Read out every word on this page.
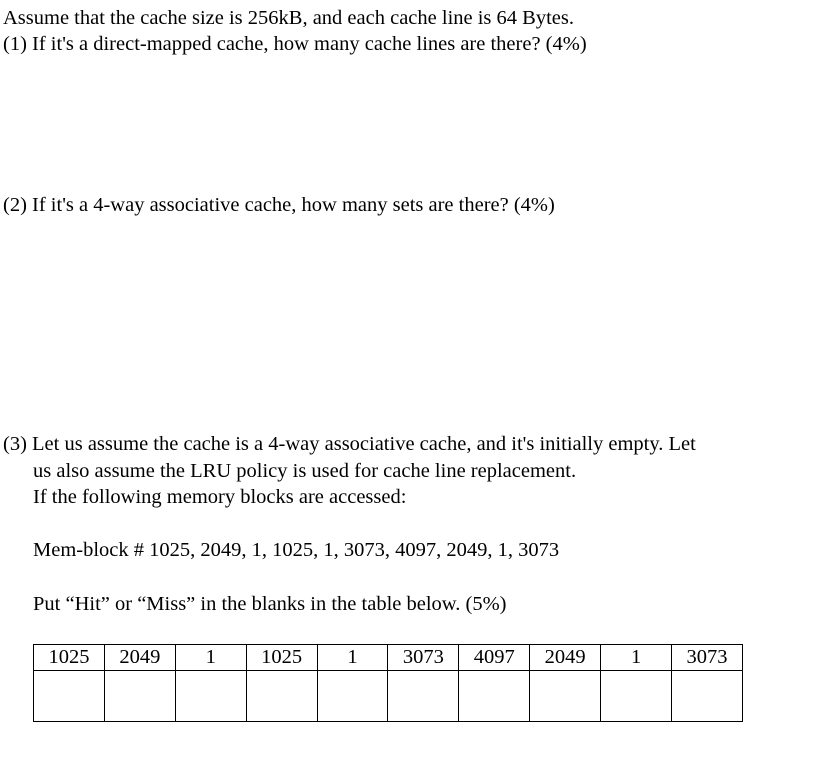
Assume that the cache size is 256kB, and each cache line is 64 Bytes.
(1) If it's a direct-mapped cache, how many cache lines are there? (4%)
(2) If it's a 4-way associative cache, how many sets are there? (4%)
(3) Let us assume the cache is a 4-way associative cache, and it's initially empty. Let
us also assume the LRU policy is used for cache line replacement.
If the following memory blocks are accessed:
Mem-block # 1025, 2049, 1, 1025, 1, 3073, 4097, 2049, 1, 3073
Put “Hit” or “Miss” in the blanks in the table below. (5%)
1025	2049	1	1025	1	3073	4097	2049	1	3073
